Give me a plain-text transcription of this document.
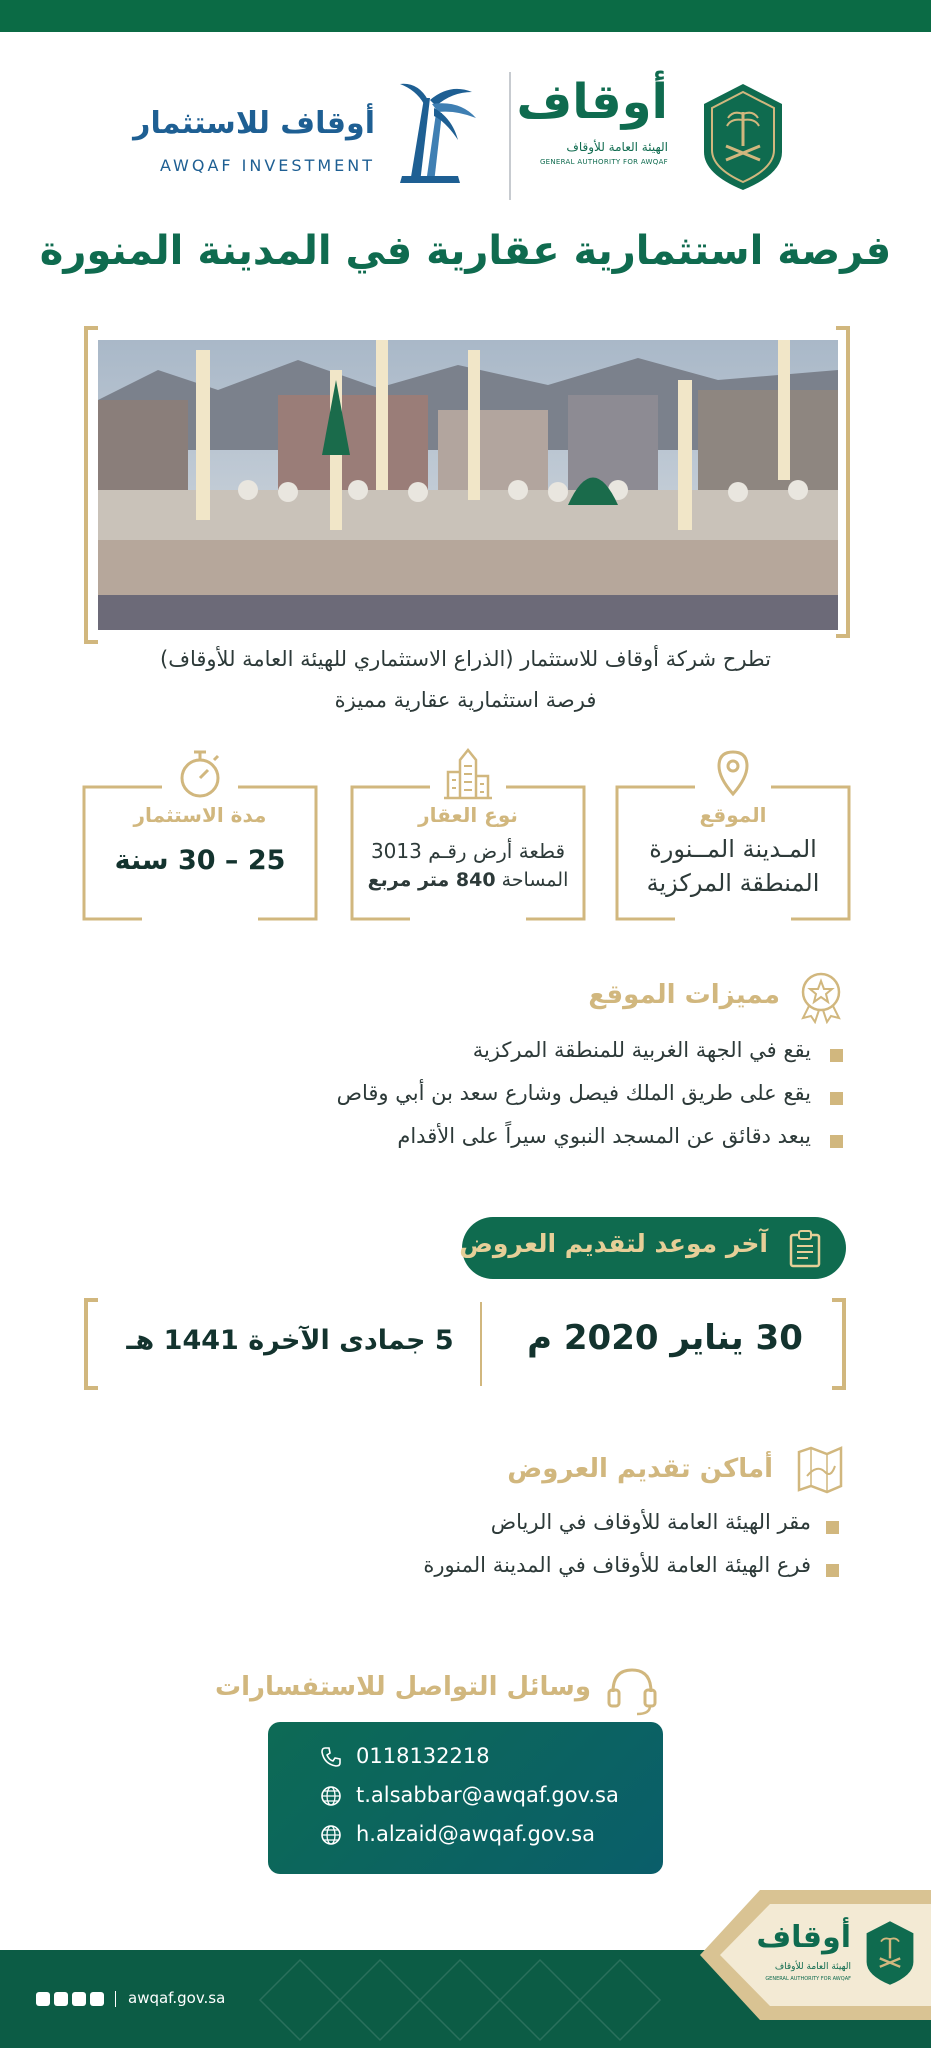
أوقاف
الهيئة العامة للأوقاف
GENERAL AUTHORITY FOR AWQAF
أوقاف للاستثمار
AWQAF INVESTMENT
فرصة استثمارية عقارية في المدينة المنورة
تطرح شركة أوقاف للاستثمار (الذراع الاستثماري للهيئة العامة للأوقاف)
فرصة استثمارية عقارية مميزة
الموقع
المـدينة المــنورة
المنطقة المركزية
نوع العقار
قطعة أرض رقـم 3013
المساحة 840 متر مربع
مدة الاستثمار
25 – 30 سنة
مميزات الموقع
يقع في الجهة الغربية للمنطقة المركزية
يقع على طريق الملك فيصل وشارع سعد بن أبي وقاص
يبعد دقائق عن المسجد النبوي سيراً على الأقدام
آخر موعد لتقديم العروض
30 يناير 2020 م
5 جمادى الآخرة 1441 هـ
أماكن تقديم العروض
مقر الهيئة العامة للأوقاف في الرياض
فرع الهيئة العامة للأوقاف في المدينة المنورة
وسائل التواصل للاستفسارات
0118132218
t.alsabbar@awqaf.gov.sa
h.alzaid@awqaf.gov.sa
awqaf.gov.sa
أوقاف
الهيئة العامة للأوقاف
GENERAL AUTHORITY FOR AWQAF
